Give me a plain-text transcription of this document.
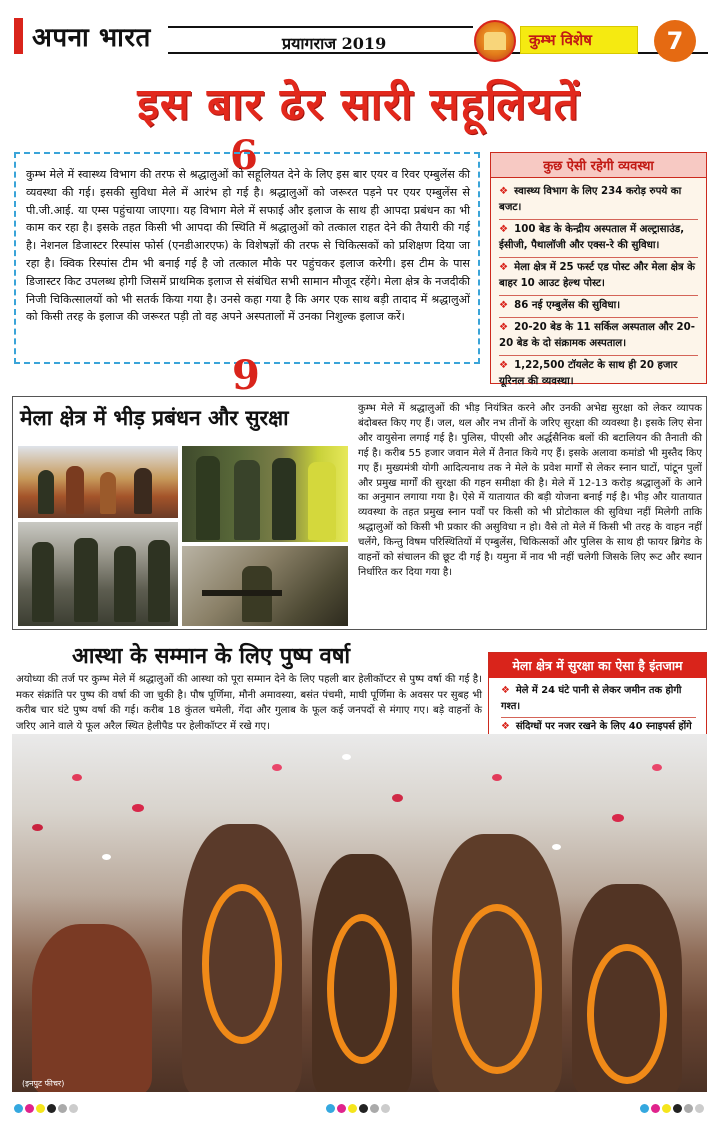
अपना भारत	प्रयागराज 2019	कुम्भ विशेष	7
इस बार ढेर सारी सहूलियतें
6

कुम्भ मेले में स्वास्थ्य विभाग की तरफ से श्रद्धालुओं को सहूलियत देने के लिए इस बार एयर व रिवर एम्बुलेंस की व्यवस्था की गई। इसकी सुविधा मेले में आरंभ हो गई है। श्रद्धालुओं को जरूरत पड़ने पर एयर एम्बुलेंस से पी.जी.आई. या एम्स पहुंचाया जाएगा। यह विभाग मेले में सफाई और इलाज के साथ ही आपदा प्रबंधन का भी काम कर रहा है। इसके तहत किसी भी आपदा की स्थिति में श्रद्धालुओं को तत्काल राहत देने की तैयारी की गई है। नेशनल डिजास्टर रिस्पांस फोर्स (एनडीआरएफ) के विशेषज्ञों की तरफ से चिकित्सकों को प्रशिक्षण दिया जा रहा है। क्विक रिस्पांस टीम भी बनाई गई है जो तत्काल मौके पर पहुंचकर इलाज करेगी। इस टीम के पास डिजास्टर किट उपलब्ध होगी जिसमें प्राथमिक इलाज से संबंधित सभी सामान मौजूद रहेंगे। मेला क्षेत्र के नजदीकी निजी चिकित्सालयों को भी सतर्क किया गया है। उनसे कहा गया है कि अगर एक साथ बड़ी तादाद में श्रद्धालुओं को किसी तरह के इलाज की जरूरत पड़ी तो वह अपने अस्पतालों में उनका निशुल्क इलाज करें।

9
कुछ ऐसी रहेगी व्यवस्था
❖ स्वास्थ्य विभाग के लिए 234 करोड़ रुपये का बजट।
❖ 100 बेड के केन्द्रीय अस्पताल में अल्ट्रासाउंड, ईसीजी, पैथालॉजी और एक्स-रे की सुविधा।
❖ मेला क्षेत्र में 25 फर्स्ट एड पोस्ट और मेला क्षेत्र के बाहर 10 आउट हेल्थ पोस्ट।
❖ 86 नई एम्बुलेंस की सुविधा।
❖ 20-20 बेड के 11 सर्किल अस्पताल और 20-20 बेड के दो संक्रामक अस्पताल।
❖ 1,22,500 टॉयलेट के साथ ही 20 हजार यूरिनल की व्यवस्था।
मेला क्षेत्र में भीड़ प्रबंधन और सुरक्षा	कुम्भ मेले में श्रद्धालुओं की भीड़ नियंत्रित करने और उनकी अभेद्य सुरक्षा को लेकर व्यापक बंदोबस्त किए गए हैं। जल, थल और नभ तीनों के जरिए सुरक्षा की व्यवस्था है। इसके लिए सेना और वायुसेना लगाई गई है। पुलिस, पीएसी और अर्द्धसैनिक बलों की बटालियन की तैनाती की गई है। करीब 55 हजार जवान मेले में तैनात किये गए हैं। इसके अलावा कमांडो भी मुस्तैद किए गए हैं। मुख्यमंत्री योगी आदित्यनाथ तक ने मेले के प्रवेश मार्गों से लेकर स्नान घाटों, पांटून पुलों और प्रमुख मार्गों की सुरक्षा की गहन समीक्षा की है। मेले में 12-13 करोड़ श्रद्धालुओं के आने का अनुमान लगाया गया है। ऐसे में यातायात की बड़ी योजना बनाई गई है। भीड़ और यातायात व्यवस्था के तहत प्रमुख स्नान पर्वों पर किसी को भी प्रोटोकाल की सुविधा नहीं मिलेगी ताकि श्रद्धालुओं को किसी भी प्रकार की असुविधा न हो। वैसे तो मेले में किसी भी तरह के वाहन नहीं चलेंगे, किन्तु विषम परिस्थितियों में एम्बुलेंस, चिकित्सकों और पुलिस के साथ ही फायर ब्रिगेड के वाहनों को संचालन की छूट दी गई है। यमुना में नाव भी नहीं चलेगी जिसके लिए रूट और स्थान निर्धारित कर दिया गया है।
आस्था के सम्मान के लिए पुष्प वर्षा
अयोध्या की तर्ज पर कुम्भ मेले में श्रद्धालुओं की आस्था को पूरा सम्मान देने के लिए पहली बार हेलीकॉप्टर से पुष्प वर्षा की गई है। मकर संक्रांति पर पुष्प की वर्षा की जा चुकी है। पौष पूर्णिमा, मौनी अमावस्या, बसंत पंचमी, माघी पूर्णिमा के अवसर पर सुबह भी करीब चार घंटे पुष्प वर्षा की गई। करीब 18 कुंतल चमेली, गेंदा और गुलाब के फूल कई जनपदों से मंगाए गए। बड़े वाहनों के जरिए आने वाले ये फूल अरैल स्थित हेलीपैड पर हेलीकॉप्टर में रखे गए।
मेला क्षेत्र में सुरक्षा का ऐसा है इंतजाम
❖ मेले में 24 घंटे पानी से लेकर जमीन तक होगी गश्त।
❖ संदिग्धों पर नजर रखने के लिए 40 स्नाइपर्स होंगे
(इनपुट फीचर)
